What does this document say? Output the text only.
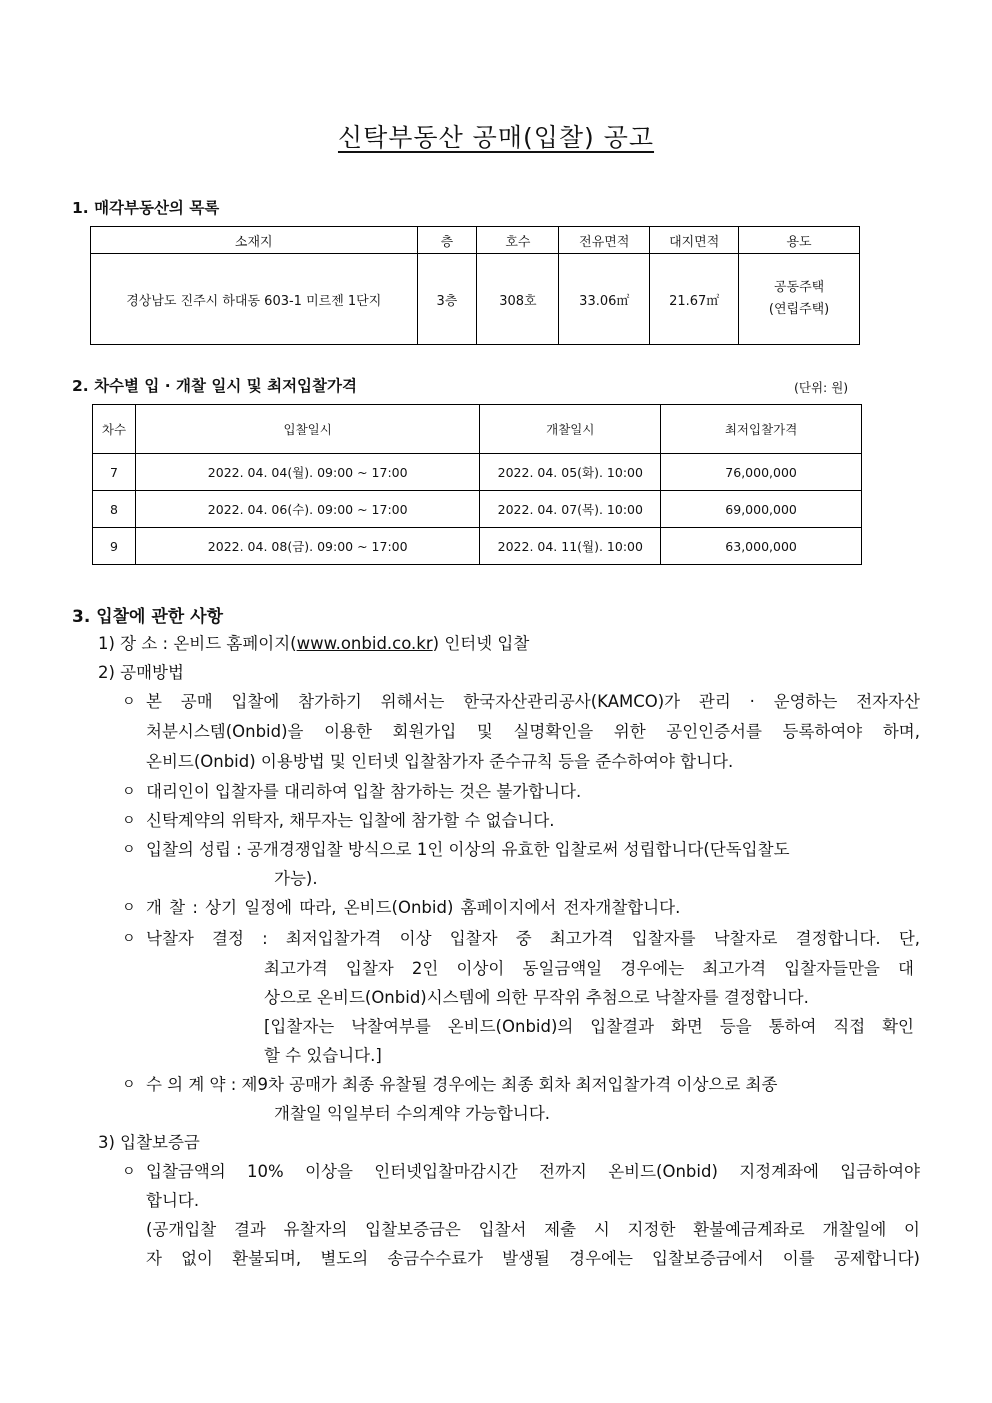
신탁부동산 공매(입찰) 공고
1. 매각부동산의 목록
소재지	층	호수	전유면적	대지면적	용도
경상남도 진주시 하대동 603-1 미르젠 1단지	3층	308호	33.06㎡	21.67㎡	공동주택
(연립주택)
2. 차수별 입 · 개찰 일시 및 최저입찰가격	(단위: 원)
차수	입찰일시	개찰일시	최저입찰가격
7	2022. 04. 04(월). 09:00 ~ 17:00	2022. 04. 05(화). 10:00	76,000,000
8	2022. 04. 06(수). 09:00 ~ 17:00	2022. 04. 07(목). 10:00	69,000,000
9	2022. 04. 08(금). 09:00 ~ 17:00	2022. 04. 11(월). 10:00	63,000,000
3. 입찰에 관한 사항
1) 장 소 : 온비드 홈페이지(www.onbid.co.kr) 인터넷 입찰
2) 공매방법
ㅇ 본 공매 입찰에 참가하기 위해서는 한국자산관리공사(KAMCO)가 관리 · 운영하는 전자자산
처분시스템(Onbid)을 이용한 회원가입 및 실명확인을 위한 공인인증서를 등록하여야 하며,
온비드(Onbid) 이용방법 및 인터넷 입찰참가자 준수규칙 등을 준수하여야 합니다.
ㅇ 대리인이 입찰자를 대리하여 입찰 참가하는 것은 불가합니다.
ㅇ 신탁계약의 위탁자, 채무자는 입찰에 참가할 수 없습니다.
ㅇ 입찰의 성립 : 공개경쟁입찰 방식으로 1인 이상의 유효한 입찰로써 성립합니다(단독입찰도
가능).
ㅇ 개 찰 : 상기 일정에 따라, 온비드(Onbid) 홈페이지에서 전자개찰합니다.
ㅇ 낙찰자 결정 : 최저입찰가격 이상 입찰자 중 최고가격 입찰자를 낙찰자로 결정합니다. 단,
최고가격 입찰자 2인 이상이 동일금액일 경우에는 최고가격 입찰자들만을 대
상으로 온비드(Onbid)시스템에 의한 무작위 추첨으로 낙찰자를 결정합니다.
[입찰자는 낙찰여부를 온비드(Onbid)의 입찰결과 화면 등을 통하여 직접 확인
할 수 있습니다.]
ㅇ 수 의 계 약 : 제9차 공매가 최종 유찰될 경우에는 최종 회차 최저입찰가격 이상으로 최종
개찰일 익일부터 수의계약 가능합니다.
3) 입찰보증금
ㅇ 입찰금액의 10% 이상을 인터넷입찰마감시간 전까지 온비드(Onbid) 지정계좌에 입금하여야
합니다.
(공개입찰 결과 유찰자의 입찰보증금은 입찰서 제출 시 지정한 환불예금계좌로 개찰일에 이
자 없이 환불되며, 별도의 송금수수료가 발생될 경우에는 입찰보증금에서 이를 공제합니다)
